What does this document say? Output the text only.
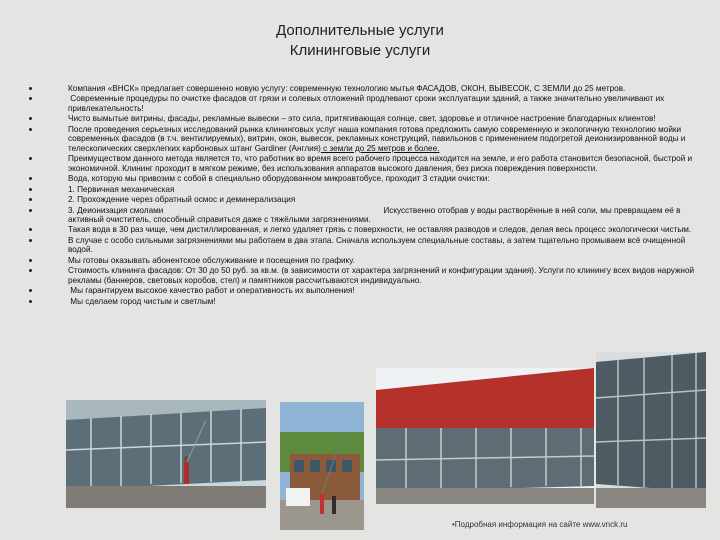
Дополнительные услуги
Клининговые услуги
Компания «ВНСК» предлагает совершенно новую услугу: современную технологию мытья ФАСАДОВ, ОКОН, ВЫВЕСОК, С ЗЕМЛИ до 25 метров.
Современные процедуры по очистке фасадов от грязи и солевых отложений продлевают сроки эксплуатации зданий, а также значительно увеличивают их привлекательность!
Чисто вымытые витрины, фасады, рекламные вывески – это сила, притягивающая солнце, свет, здоровье и отличное настроение благодарных клиентов!
После проведения серьезных исследований рынка клининговых услуг наша компания готова предложить самую современную и экологичную технологию мойки современных фасадов (в т.ч. вентилируемых), витрин, окон, вывесок, рекламных конструкций, павильонов с применением подогретой деионизированной воды и телескопических сверхлегких карбоновых штанг Gardiner (Англия) с земли до 25 метров и более.
Преимуществом данного метода является то, что работник во время всего рабочего процесса находится на земле, и его работа становится безопасной, быстрой и экономичной. Клининг проходит в мягком режиме, без использования аппаратов высокого давления, без риска повреждения поверхности.
Вода, которую мы привозим с собой в специально оборудованном микроавтобусе, проходит 3 стадии очистки:
1. Первичная механическая
2. Прохождение через обратный осмос и деминерализация
3. Деионизация смолами	Искусственно отобрав у воды растворённые в ней соли, мы превращаем её в активный очиститель, способный справиться даже с тяжёлыми загрязнениями.
Такая вода в 30 раз чище, чем дистиллированная, и легко удаляет грязь с поверхности, не оставляя разводов и следов, делая весь процесс экологически чистым.
В случае с особо сильными загрязнениями мы работаем в два этапа. Сначала используем специальные составы, а затем тщательно промываем всё очищенной водой.
Мы готовы оказывать абонентское обслуживание и посещения по графику.
Стоимость клининга фасадов: От 30 до 50 руб. за кв.м. (в зависимости от характера загрязнений и конфигурации здания). Услуги по клинингу всех видов наружной рекламы (баннеров, световых коробов, стел) и памятников рассчитываются индивидуально.
Мы гарантируем высокое качество работ и оперативность их выполнения!
Мы сделаем город чистым и светлым!
•Подробная информация на сайте www.vnck.ru
